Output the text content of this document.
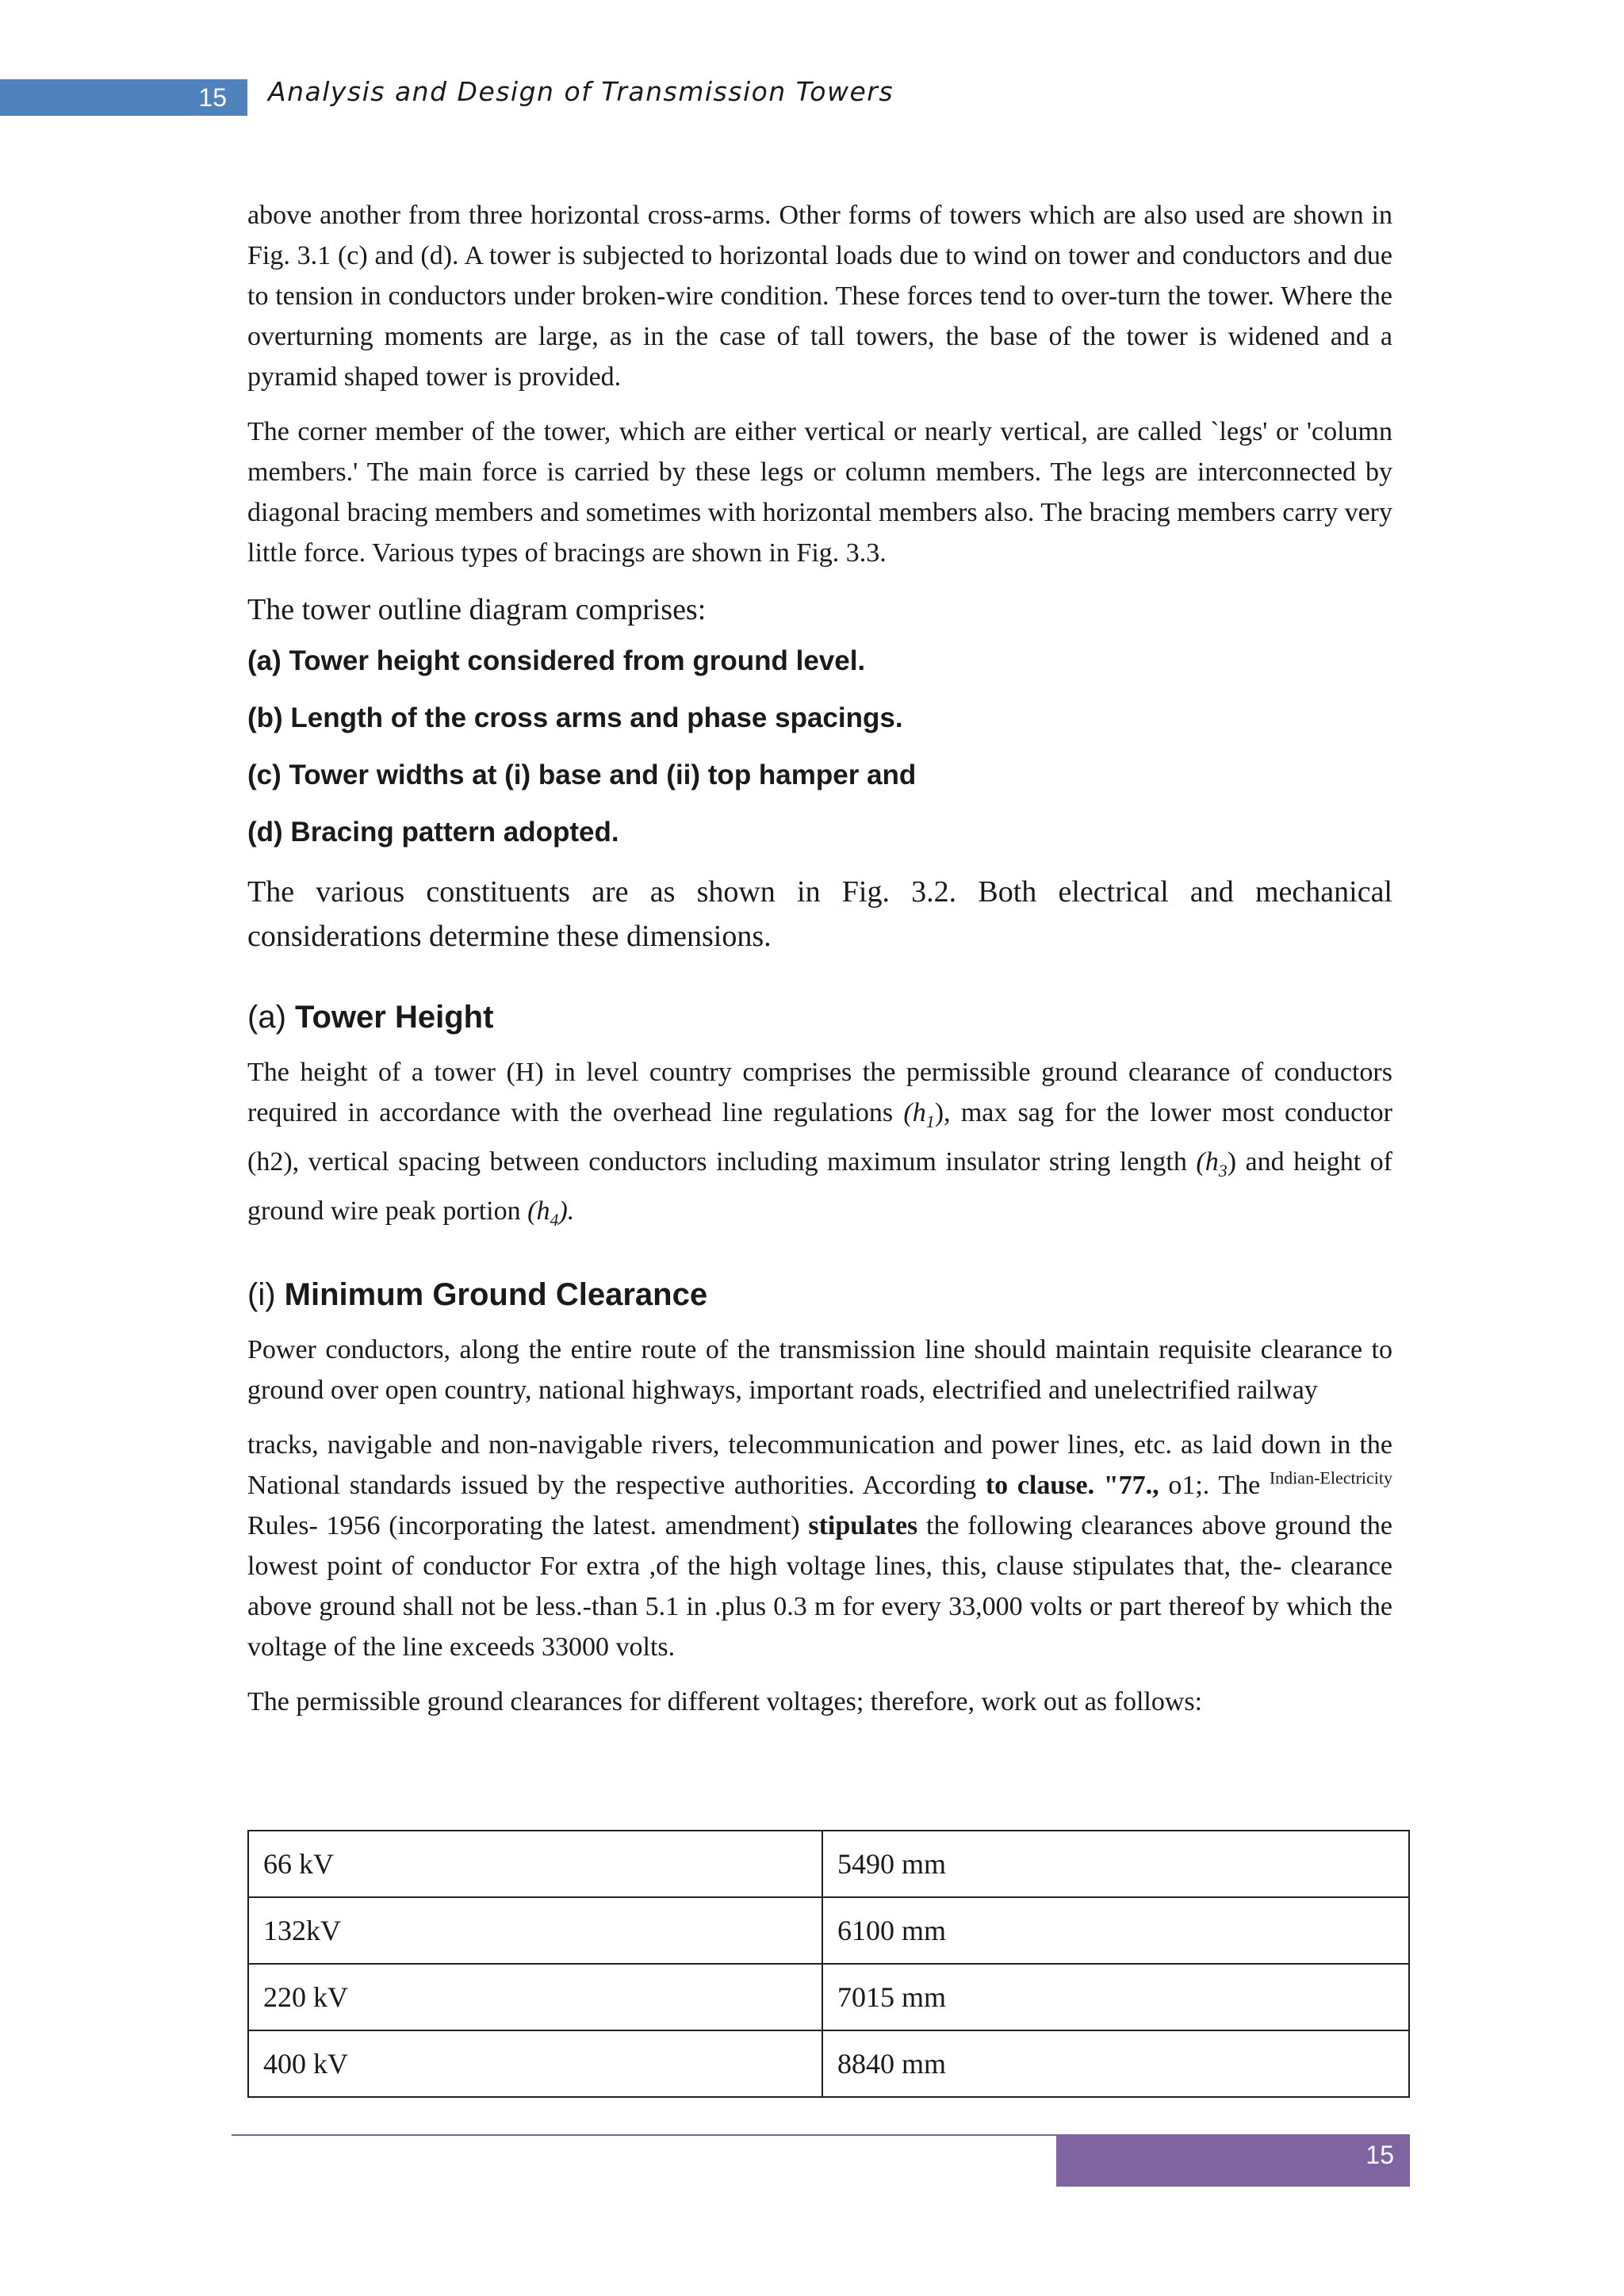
15	Analysis and Design of Transmission Towers

above another from three horizontal cross-arms. Other forms of towers which are also used are shown in Fig. 3.1 (c) and (d). A tower is subjected to horizontal loads due to wind on tower and conductors and due to tension in conductors under broken-wire condition. These forces tend to over-turn the tower. Where the overturning moments are large, as in the case of tall towers, the base of the tower is widened and a pyramid shaped tower is provided.

The corner member of the tower, which are either vertical or nearly vertical, are called `legs' or 'column members.' The main force is carried by these legs or column members. The legs are interconnected by diagonal bracing members and sometimes with horizontal members also. The bracing members carry very little force. Various types of bracings are shown in Fig. 3.3.

The tower outline diagram comprises:

(a) Tower height considered from ground level.
(b) Length of the cross arms and phase spacings.
(c) Tower widths at (i) base and (ii) top hamper and
(d) Bracing pattern adopted.

The various constituents are as shown in Fig. 3.2. Both electrical and mechanical considerations determine these dimensions.

(a) Tower Height

The height of a tower (H) in level country comprises the permissible ground clearance of conductors required in accordance with the overhead line regulations $(h_1)$, max sag for the lower most conductor (h2), vertical spacing between conductors including maximum insulator string length $(h_3)$ and height of ground wire peak portion $(h_4)$.

(i) Minimum Ground Clearance

Power conductors, along the entire route of the transmission line should maintain requisite clearance to ground over open country, national highways, important roads, electrified and unelectrified railway

tracks, navigable and non-navigable rivers, telecommunication and power lines, etc. as laid down in the National standards issued by the respective authorities. According to clause. "77., o1;. The $^{Indian-Electricity}$ Rules- 1956 (incorporating the latest. amendment) stipulates the following clearances above ground the lowest point of conductor For extra ,of the high voltage lines, this, clause stipulates that, the- clearance above ground shall not be less.-than 5.1 in .plus 0.3 m for every 33,000 volts or part thereof by which the voltage of the line exceeds 33000 volts.

The permissible ground clearances for different voltages; therefore, work out as follows:

66 kV	5490 mm
132kV	6100 mm
220 kV	7015 mm
400 kV	8840 mm
15
